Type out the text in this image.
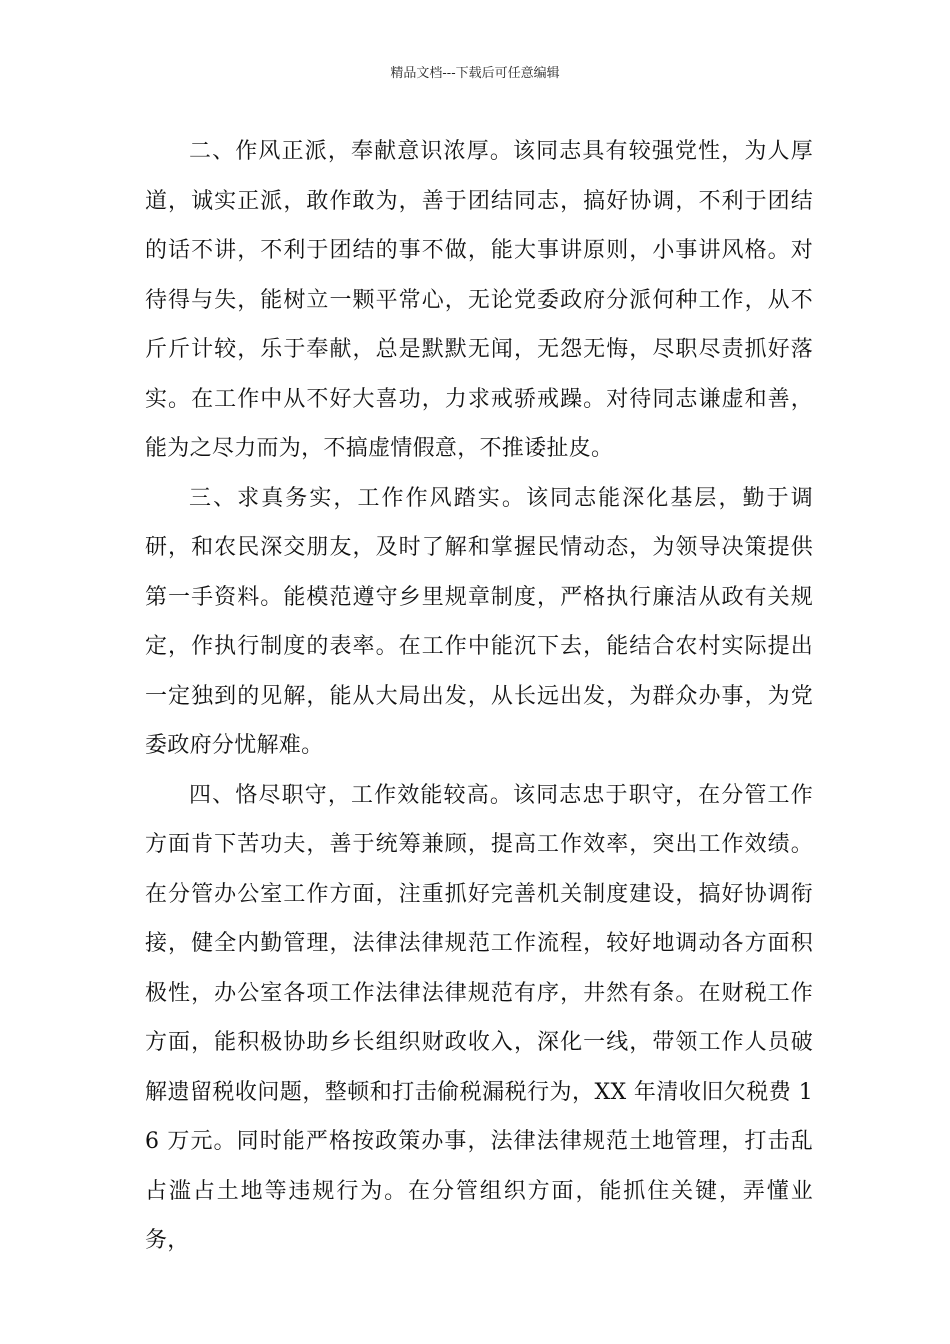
精品文档---下载后可任意编辑

二、作风正派，奉献意识浓厚。该同志具有较强党性，为人厚道，诚实正派，敢作敢为，善于团结同志，搞好协调，不利于团结的话不讲，不利于团结的事不做，能大事讲原则，小事讲风格。对待得与失，能树立一颗平常心，无论党委政府分派何种工作，从不斤斤计较，乐于奉献，总是默默无闻，无怨无悔，尽职尽责抓好落实。在工作中从不好大喜功，力求戒骄戒躁。对待同志谦虚和善，能为之尽力而为，不搞虚情假意，不推诿扯皮。

三、求真务实，工作作风踏实。该同志能深化基层，勤于调研，和农民深交朋友，及时了解和掌握民情动态，为领导决策提供第一手资料。能模范遵守乡里规章制度，严格执行廉洁从政有关规定，作执行制度的表率。在工作中能沉下去，能结合农村实际提出一定独到的见解，能从大局出发，从长远出发，为群众办事，为党委政府分忧解难。

四、恪尽职守，工作效能较高。该同志忠于职守，在分管工作方面肯下苦功夫，善于统筹兼顾，提高工作效率，突出工作效绩。在分管办公室工作方面，注重抓好完善机关制度建设，搞好协调衔接，健全内勤管理，法律法律规范工作流程，较好地调动各方面积极性，办公室各项工作法律法律规范有序，井然有条。在财税工作方面，能积极协助乡长组织财政收入，深化一线，带领工作人员破解遗留税收问题，整顿和打击偷税漏税行为，XX 年清收旧欠税费 16 万元。同时能严格按政策办事，法律法律规范土地管理，打击乱占滥占土地等违规行为。在分管组织方面，能抓住关键，弄懂业务，
